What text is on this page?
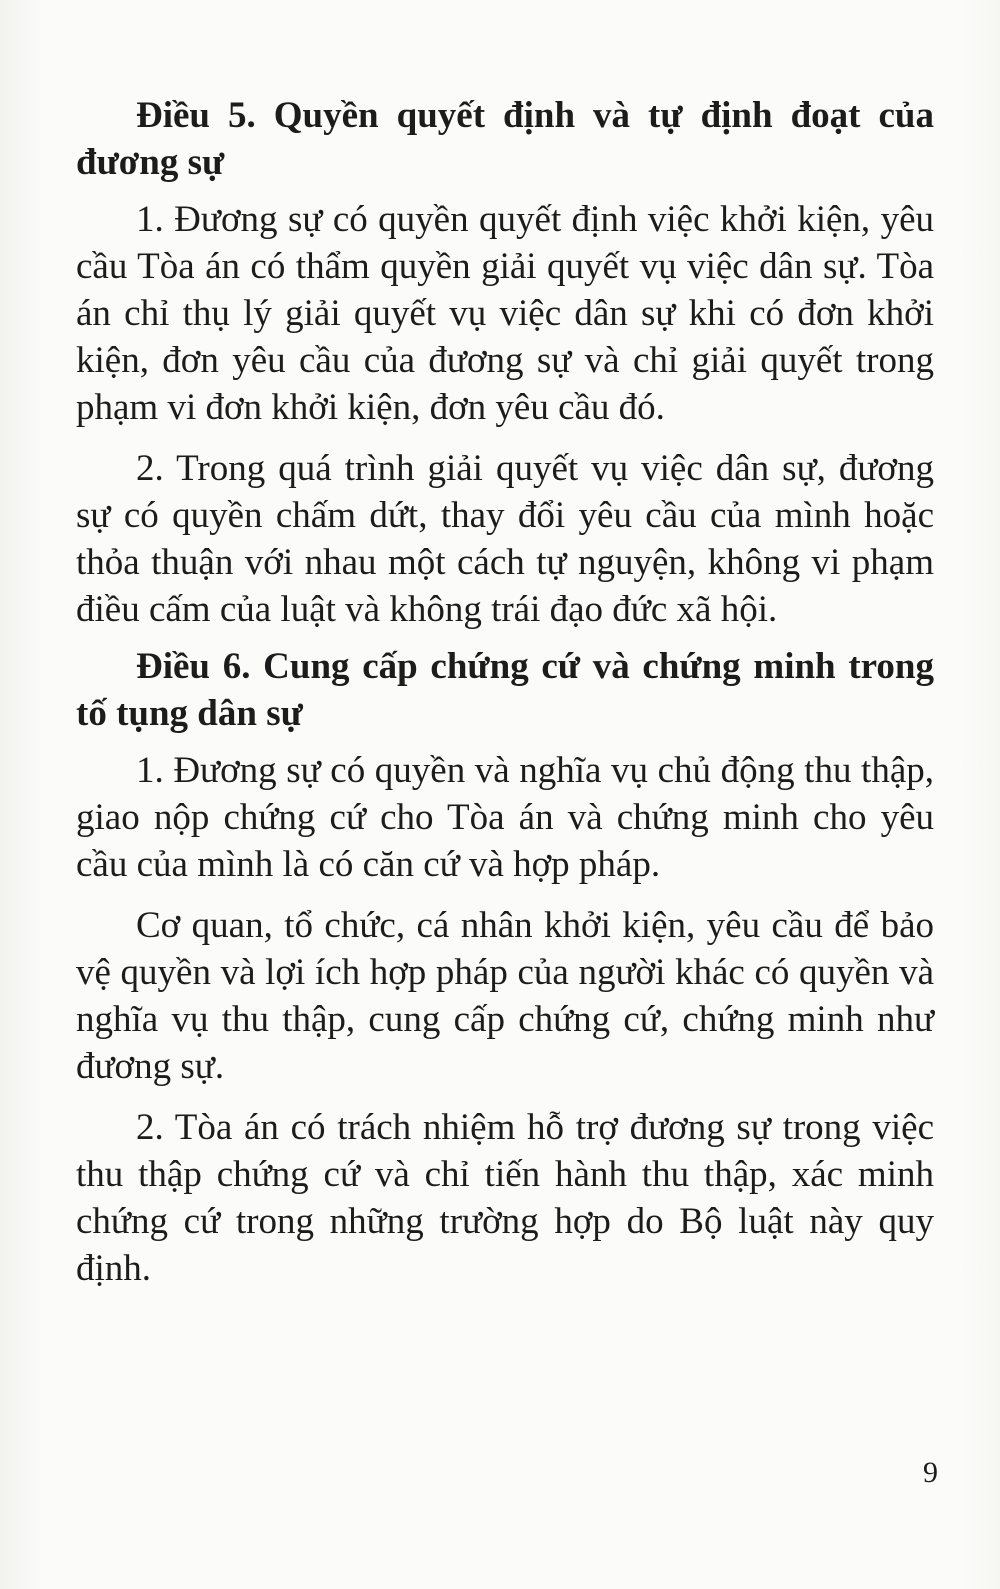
Điều 5. Quyền quyết định và tự định đoạt của đương sự

1. Đương sự có quyền quyết định việc khởi kiện, yêu cầu Tòa án có thẩm quyền giải quyết vụ việc dân sự. Tòa án chỉ thụ lý giải quyết vụ việc dân sự khi có đơn khởi kiện, đơn yêu cầu của đương sự và chỉ giải quyết trong phạm vi đơn khởi kiện, đơn yêu cầu đó.

2. Trong quá trình giải quyết vụ việc dân sự, đương sự có quyền chấm dứt, thay đổi yêu cầu của mình hoặc thỏa thuận với nhau một cách tự nguyện, không vi phạm điều cấm của luật và không trái đạo đức xã hội.

Điều 6. Cung cấp chứng cứ và chứng minh trong tố tụng dân sự

1. Đương sự có quyền và nghĩa vụ chủ động thu thập, giao nộp chứng cứ cho Tòa án và chứng minh cho yêu cầu của mình là có căn cứ và hợp pháp.

Cơ quan, tổ chức, cá nhân khởi kiện, yêu cầu để bảo vệ quyền và lợi ích hợp pháp của người khác có quyền và nghĩa vụ thu thập, cung cấp chứng cứ, chứng minh như đương sự.

2. Tòa án có trách nhiệm hỗ trợ đương sự trong việc thu thập chứng cứ và chỉ tiến hành thu thập, xác minh chứng cứ trong những trường hợp do Bộ luật này quy định.

9
